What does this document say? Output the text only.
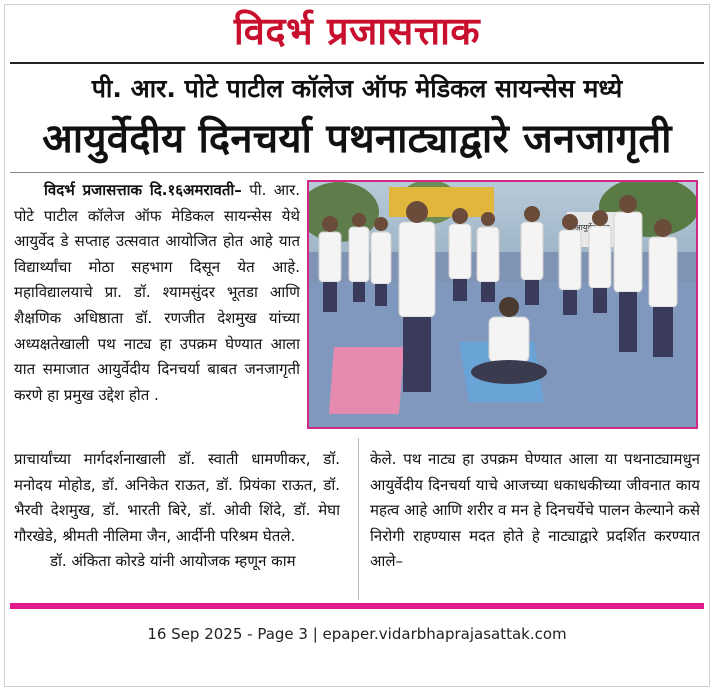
विदर्भ प्रजासत्ताक
पी. आर. पोटे पाटील कॉलेज ऑफ मेडिकल सायन्सेस मध्ये
आयुर्वेदीय दिनचर्या पथनाट्याद्वारे जनजागृती

विदर्भ प्रजासत्ताक दि.१६अमरावती– पी. आर. पोटे पाटील कॉलेज ऑफ मेडिकल सायन्सेस येथे आयुर्वेद डे सप्ताह उत्सवात आयोजित होत आहे यात विद्यार्थ्यांचा मोठा सहभाग दिसून येत आहे. महाविद्यालयाचे प्रा. डॉ. श्यामसुंदर भूतडा आणि शैक्षणिक अधिष्ठाता डॉ. रणजीत देशमुख यांच्या अध्यक्षतेखाली पथ नाट्य हा उपक्रम घेण्यात आला यात समाजात आयुर्वेदीय दिनचर्या बाबत जनजागृती करणे हा प्रमुख उद्देश होत .

आयुर्वेद

प्राचार्यांच्या मार्गदर्शनाखाली डॉ. स्वाती धामणीकर, डॉ. मनोदय मोहोड, डॉ. अनिकेत राऊत, डॉ. प्रियंका राऊत, डॉ. भैरवी देशमुख, डॉ. भारती बिरे, डॉ. ओवी शिंदे, डॉ. मेघा गौरखेडे, श्रीमती नीलिमा जैन, आर्दीनी परिश्रम घेतले.

डॉ. अंकिता कोरडे यांनी आयोजक म्हणून काम

केले. पथ नाट्य हा उपक्रम घेण्यात आला या पथनाट्यामधुन आयुर्वेदीय दिनचर्या याचे आजच्या धकाधकीच्या जीवनात काय महत्व आहे आणि शरीर व मन हे दिनचर्येचे पालन केल्याने कसे निरोगी राहण्यास मदत होते हे नाट्याद्वारे प्रदर्शित करण्यात आले–

16 Sep 2025 - Page 3 | epaper.vidarbhaprajasattak.com
